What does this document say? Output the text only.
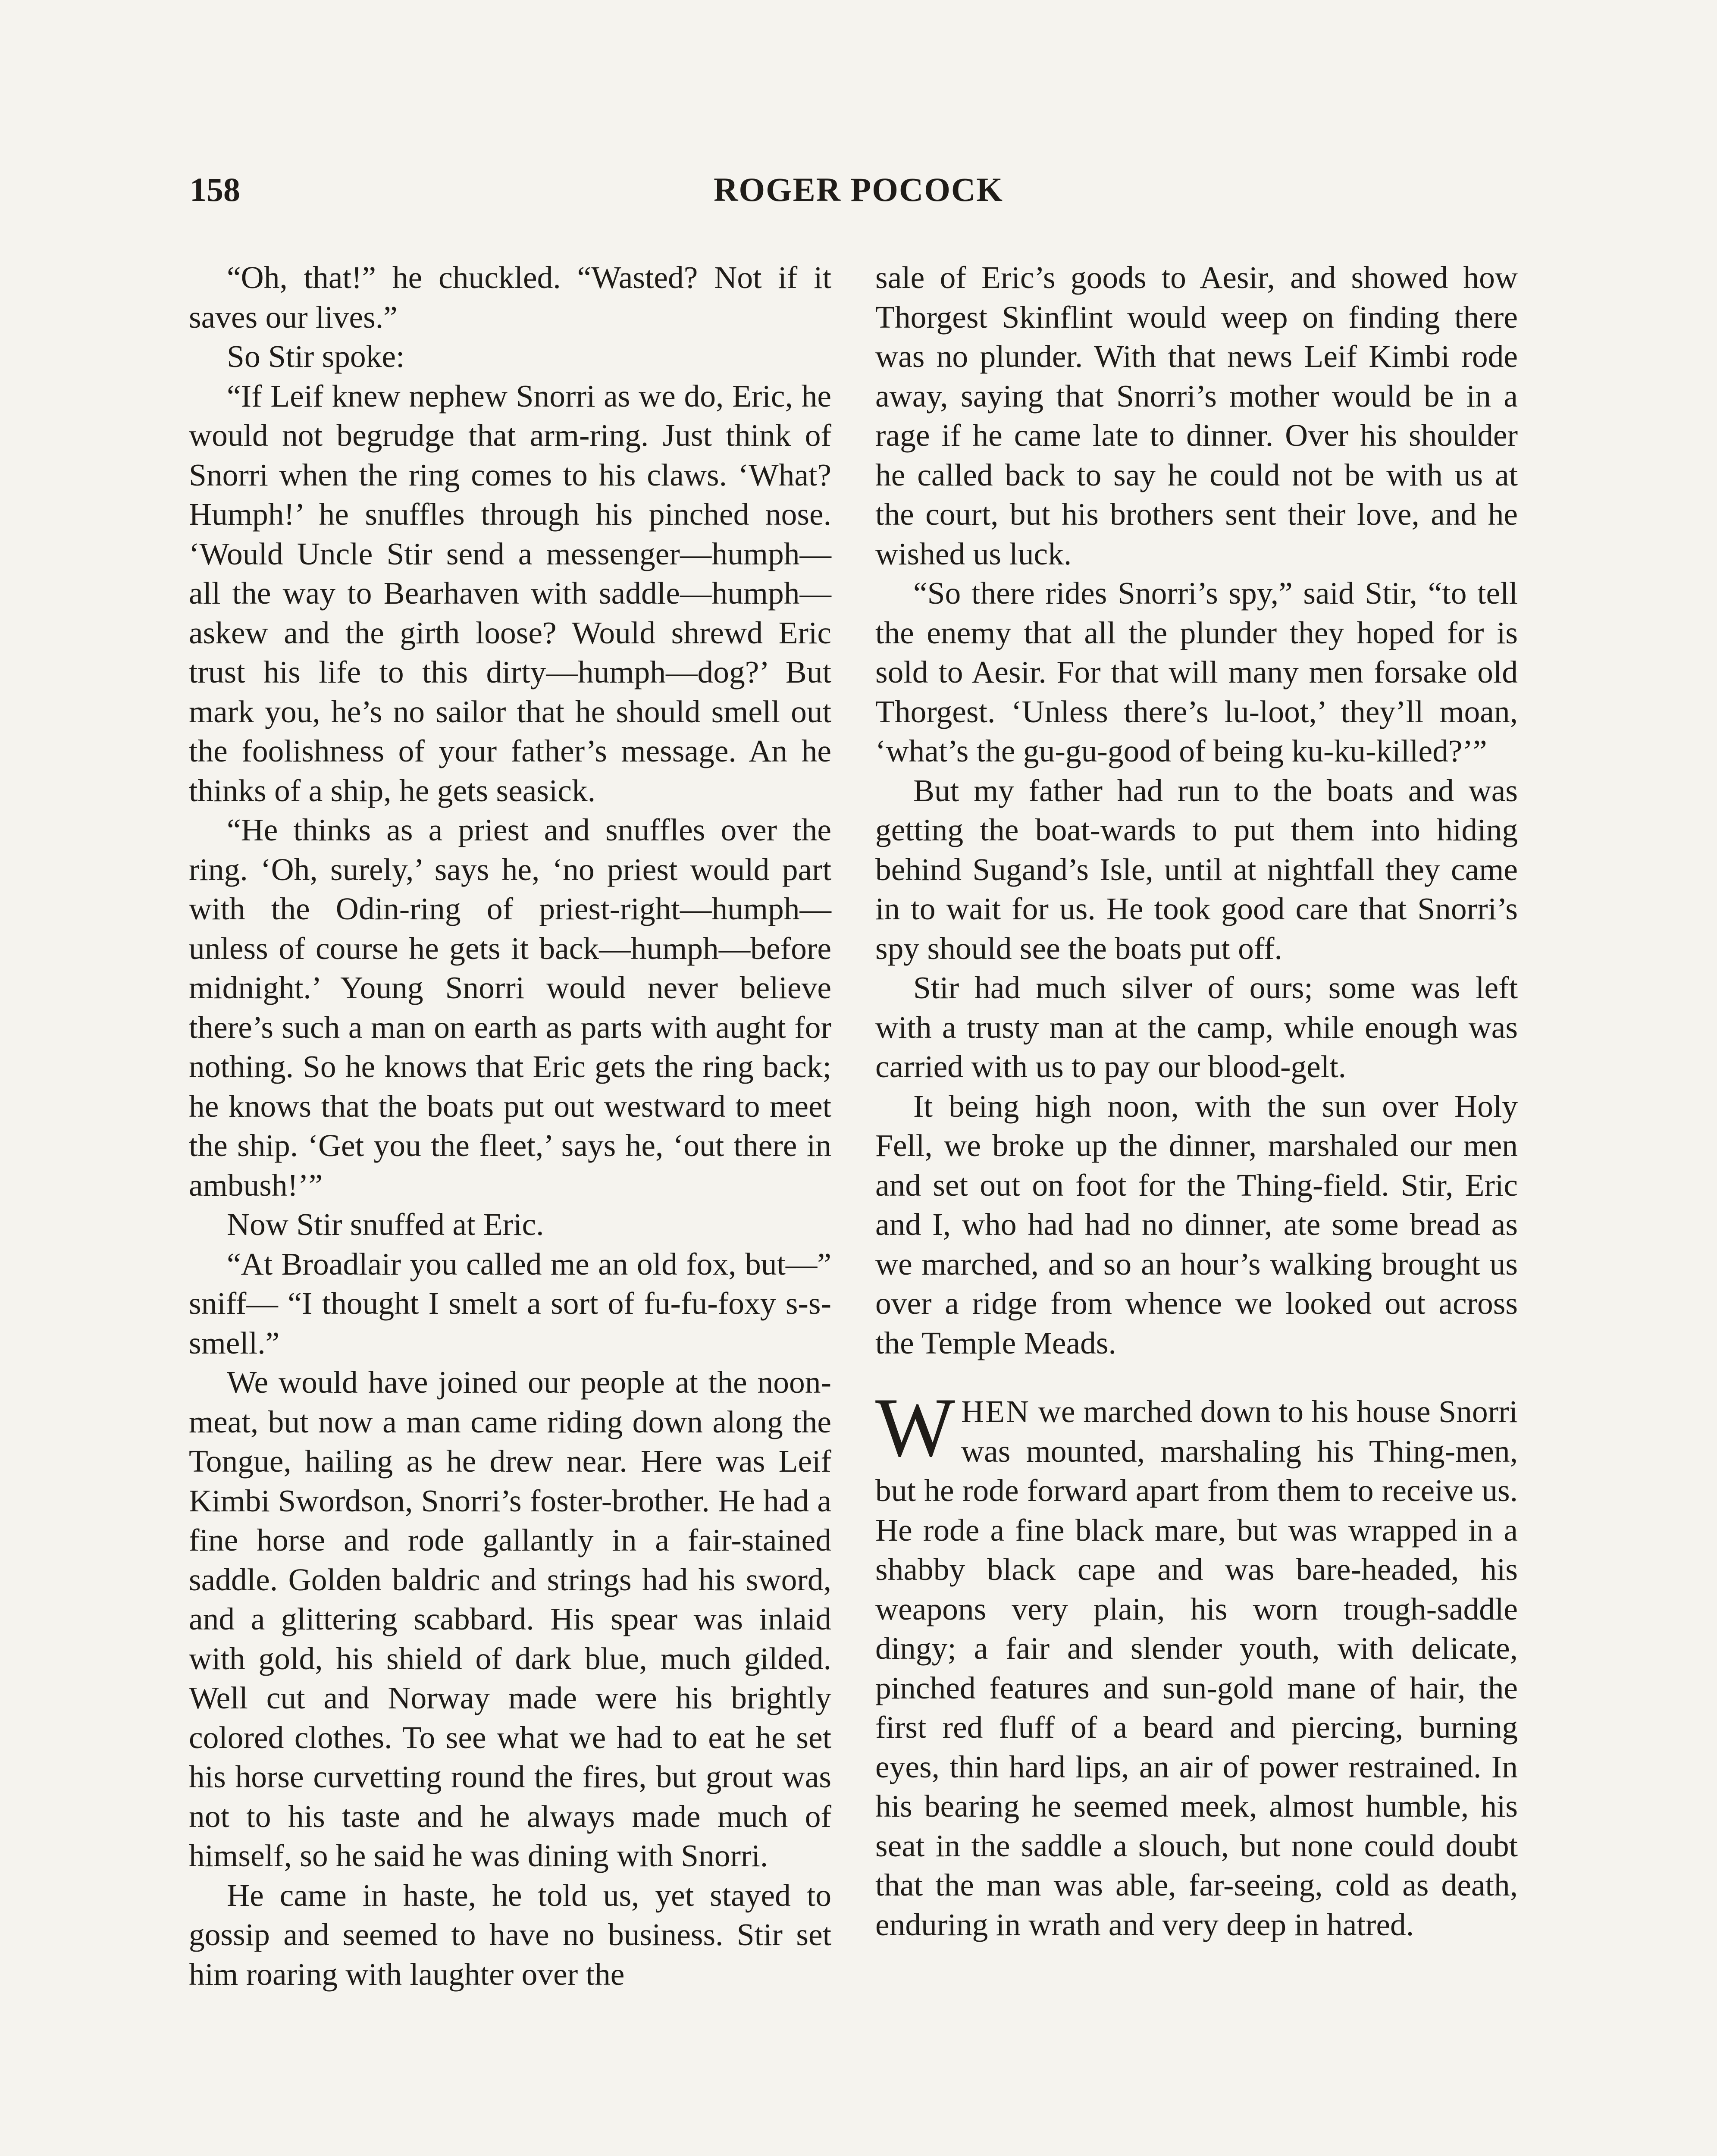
158	ROGER POCOCK

“Oh, that!” he chuckled. “Wasted? Not if it saves our lives.”

So Stir spoke:

“If Leif knew nephew Snorri as we do, Eric, he would not begrudge that arm-ring. Just think of Snorri when the ring comes to his claws. ‘What? Humph!’ he snuffles through his pinched nose. ‘Would Uncle Stir send a messenger—humph—all the way to Bearhaven with saddle—humph—askew and the girth loose? Would shrewd Eric trust his life to this dirty—humph—dog?’ But mark you, he’s no sailor that he should smell out the foolishness of your father’s message. An he thinks of a ship, he gets seasick.

“He thinks as a priest and snuffles over the ring. ‘Oh, surely,’ says he, ‘no priest would part with the Odin-ring of priest-right—humph—unless of course he gets it back—humph—before midnight.’ Young Snorri would never believe there’s such a man on earth as parts with aught for nothing. So he knows that Eric gets the ring back; he knows that the boats put out westward to meet the ship. ‘Get you the fleet,’ says he, ‘out there in ambush!’”

Now Stir snuffed at Eric.

“At Broadlair you called me an old fox, but—” sniff— “I thought I smelt a sort of fu-fu-foxy s-s-smell.”

We would have joined our people at the noon-meat, but now a man came riding down along the Tongue, hailing as he drew near. Here was Leif Kimbi Swordson, Snorri’s foster-brother. He had a fine horse and rode gallantly in a fair-stained saddle. Golden baldric and strings had his sword, and a glittering scabbard. His spear was inlaid with gold, his shield of dark blue, much gilded. Well cut and Norway made were his brightly colored clothes. To see what we had to eat he set his horse curvetting round the fires, but grout was not to his taste and he always made much of himself, so he said he was dining with Snorri.

He came in haste, he told us, yet stayed to gossip and seemed to have no business. Stir set him roaring with laughter over the

sale of Eric’s goods to Aesir, and showed how Thorgest Skinflint would weep on finding there was no plunder. With that news Leif Kimbi rode away, saying that Snorri’s mother would be in a rage if he came late to dinner. Over his shoulder he called back to say he could not be with us at the court, but his brothers sent their love, and he wished us luck.

“So there rides Snorri’s spy,” said Stir, “to tell the enemy that all the plunder they hoped for is sold to Aesir. For that will many men forsake old Thorgest. ‘Unless there’s lu-loot,’ they’ll moan, ‘what’s the gu-gu-good of being ku-ku-killed?’”

But my father had run to the boats and was getting the boat-wards to put them into hiding behind Sugand’s Isle, until at nightfall they came in to wait for us. He took good care that Snorri’s spy should see the boats put off.

Stir had much silver of ours; some was left with a trusty man at the camp, while enough was carried with us to pay our blood-gelt.

It being high noon, with the sun over Holy Fell, we broke up the dinner, marshaled our men and set out on foot for the Thing-field. Stir, Eric and I, who had had no dinner, ate some bread as we marched, and so an hour’s walking brought us over a ridge from whence we looked out across the Temple Meads.

WHEN we marched down to his house Snorri was mounted, marshaling his Thing-men, but he rode forward apart from them to receive us. He rode a fine black mare, but was wrapped in a shabby black cape and was bare-headed, his weapons very plain, his worn trough-saddle dingy; a fair and slender youth, with delicate, pinched features and sun-gold mane of hair, the first red fluff of a beard and piercing, burning eyes, thin hard lips, an air of power restrained. In his bearing he seemed meek, almost humble, his seat in the saddle a slouch, but none could doubt that the man was able, far-seeing, cold as death, enduring in wrath and very deep in hatred.
